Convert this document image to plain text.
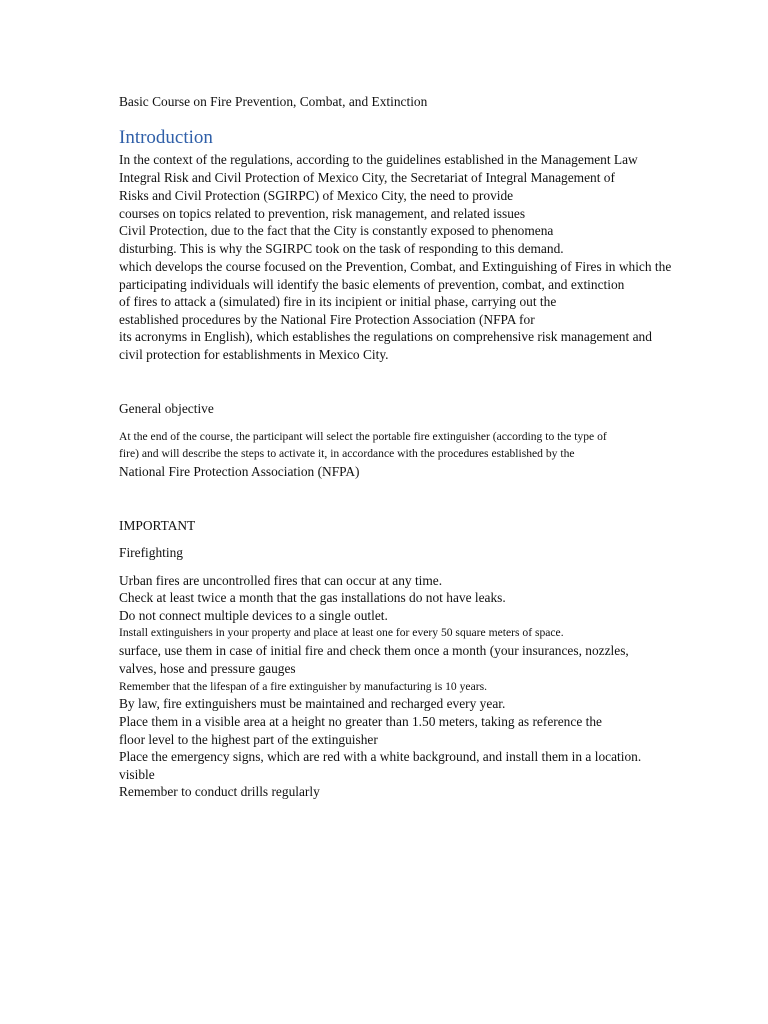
Basic Course on Fire Prevention, Combat, and Extinction
Introduction
In the context of the regulations, according to the guidelines established in the Management Law
Integral Risk and Civil Protection of Mexico City, the Secretariat of Integral Management of
Risks and Civil Protection (SGIRPC) of Mexico City, the need to provide
courses on topics related to prevention, risk management, and related issues
Civil Protection, due to the fact that the City is constantly exposed to phenomena
disturbing. This is why the SGIRPC took on the task of responding to this demand.
which develops the course focused on the Prevention, Combat, and Extinguishing of Fires in which the
participating individuals will identify the basic elements of prevention, combat, and extinction
of fires to attack a (simulated) fire in its incipient or initial phase, carrying out the
established procedures by the National Fire Protection Association (NFPA for
its acronyms in English), which establishes the regulations on comprehensive risk management and
civil protection for establishments in Mexico City.
General objective
At the end of the course, the participant will select the portable fire extinguisher (according to the type of
fire) and will describe the steps to activate it, in accordance with the procedures established by the
National Fire Protection Association (NFPA)
IMPORTANT
Firefighting
Urban fires are uncontrolled fires that can occur at any time.
Check at least twice a month that the gas installations do not have leaks.
Do not connect multiple devices to a single outlet.
Install extinguishers in your property and place at least one for every 50 square meters of space.
surface, use them in case of initial fire and check them once a month (your insurances, nozzles,
valves, hose and pressure gauges
Remember that the lifespan of a fire extinguisher by manufacturing is 10 years.
By law, fire extinguishers must be maintained and recharged every year.
Place them in a visible area at a height no greater than 1.50 meters, taking as reference the
floor level to the highest part of the extinguisher
Place the emergency signs, which are red with a white background, and install them in a location.
visible
Remember to conduct drills regularly
